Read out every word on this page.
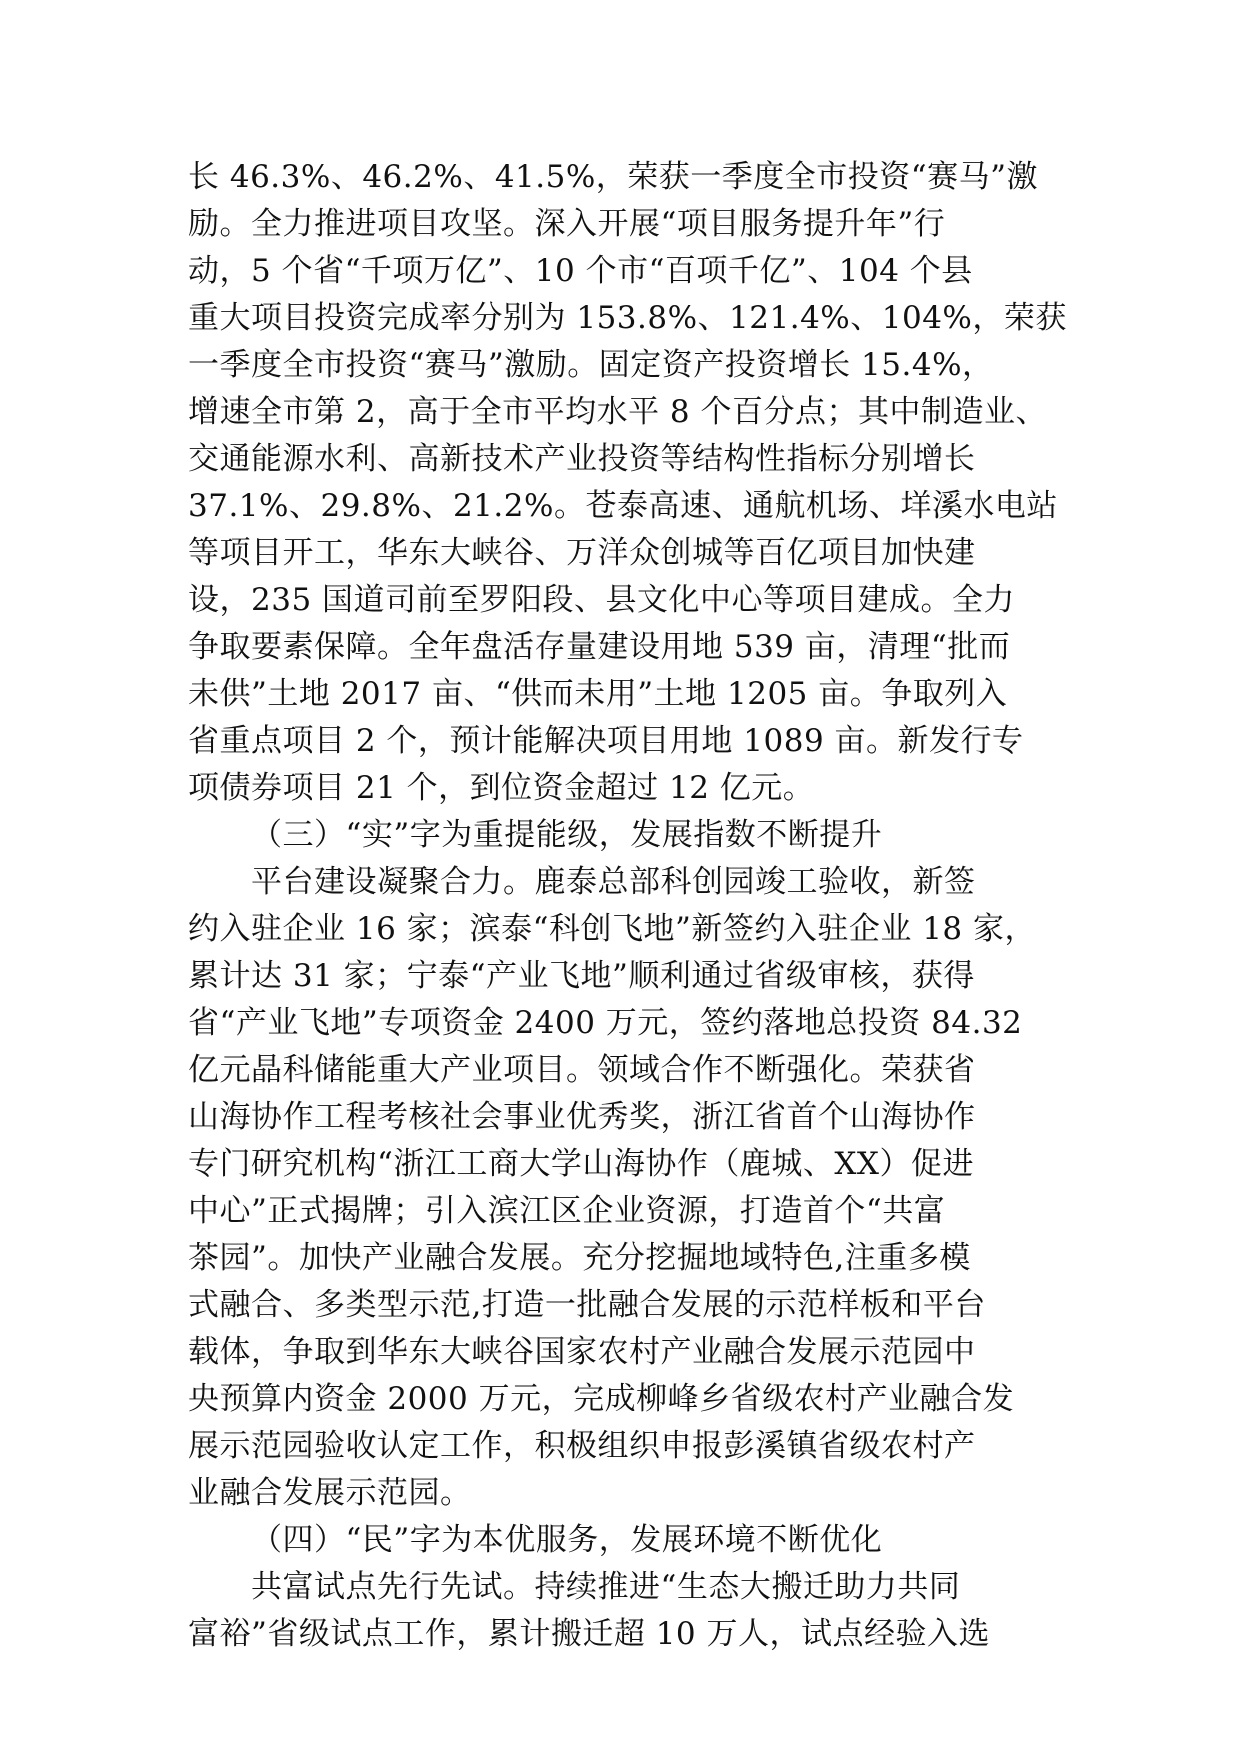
长 46.3%、46.2%、41.5%，荣获一季度全市投资“赛马”激
励。全力推进项目攻坚。深入开展“项目服务提升年”行
动，5 个省“千项万亿”、10 个市“百项千亿”、104 个县
重大项目投资完成率分别为 153.8%、121.4%、104%，荣获
一季度全市投资“赛马”激励。固定资产投资增长 15.4%，
增速全市第 2，高于全市平均水平 8 个百分点；其中制造业、
交通能源水利、高新技术产业投资等结构性指标分别增长
37.1%、29.8%、21.2%。苍泰高速、通航机场、垟溪水电站
等项目开工，华东大峡谷、万洋众创城等百亿项目加快建
设，235 国道司前至罗阳段、县文化中心等项目建成。全力
争取要素保障。全年盘活存量建设用地 539 亩，清理“批而
未供”土地 2017 亩、“供而未用”土地 1205 亩。争取列入
省重点项目 2 个，预计能解决项目用地 1089 亩。新发行专
项债券项目 21 个，到位资金超过 12 亿元。
（三）“实”字为重提能级，发展指数不断提升
平台建设凝聚合力。鹿泰总部科创园竣工验收，新签
约入驻企业 16 家；滨泰“科创飞地”新签约入驻企业 18 家，
累计达 31 家；宁泰“产业飞地”顺利通过省级审核，获得
省“产业飞地”专项资金 2400 万元，签约落地总投资 84.32
亿元晶科储能重大产业项目。领域合作不断强化。荣获省
山海协作工程考核社会事业优秀奖，浙江省首个山海协作
专门研究机构“浙江工商大学山海协作（鹿城、XX）促进
中心”正式揭牌；引入滨江区企业资源，打造首个“共富
茶园”。加快产业融合发展。充分挖掘地域特色,注重多模
式融合、多类型示范,打造一批融合发展的示范样板和平台
载体，争取到华东大峡谷国家农村产业融合发展示范园中
央预算内资金 2000 万元，完成柳峰乡省级农村产业融合发
展示范园验收认定工作，积极组织申报彭溪镇省级农村产
业融合发展示范园。
（四）“民”字为本优服务，发展环境不断优化
共富试点先行先试。持续推进“生态大搬迁助力共同
富裕”省级试点工作，累计搬迁超 10 万人，试点经验入选
